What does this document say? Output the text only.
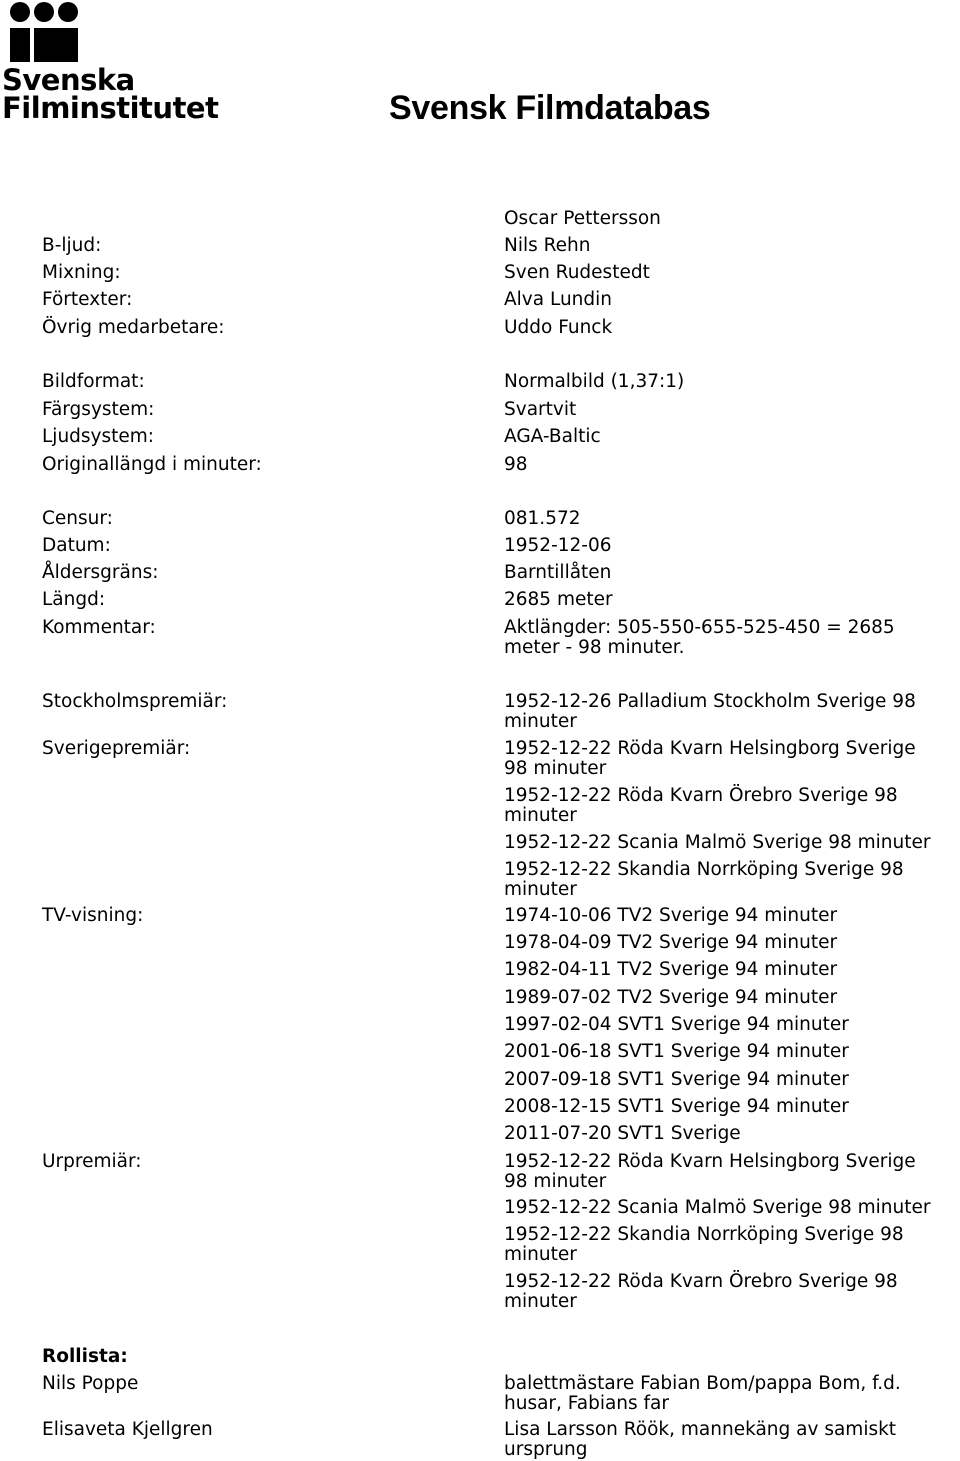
Svenska
Filminstitutet	Svensk Filmdatabas
Oscar Pettersson
B-ljud:	Nils Rehn
Mixning:	Sven Rudestedt
Förtexter:	Alva Lundin
Övrig medarbetare:	Uddo Funck
Bildformat:	Normalbild (1,37:1)
Färgsystem:	Svartvit
Ljudsystem:	AGA-Baltic
Originallängd i minuter:	98
Censur:	081.572
Datum:	1952-12-06
Åldersgräns:	Barntillåten
Längd:	2685 meter
Kommentar:	Aktlängder: 505-550-655-525-450 = 2685 meter - 98 minuter.
Stockholmspremiär:	1952-12-26 Palladium Stockholm Sverige 98 minuter
Sverigepremiär:	1952-12-22 Röda Kvarn Helsingborg Sverige 98 minuter
1952-12-22 Röda Kvarn Örebro Sverige 98 minuter
1952-12-22 Scania Malmö Sverige 98 minuter
1952-12-22 Skandia Norrköping Sverige 98 minuter
TV-visning:	1974-10-06 TV2 Sverige 94 minuter
1978-04-09 TV2 Sverige 94 minuter
1982-04-11 TV2 Sverige 94 minuter
1989-07-02 TV2 Sverige 94 minuter
1997-02-04 SVT1 Sverige 94 minuter
2001-06-18 SVT1 Sverige 94 minuter
2007-09-18 SVT1 Sverige 94 minuter
2008-12-15 SVT1 Sverige 94 minuter
2011-07-20 SVT1 Sverige
Urpremiär:	1952-12-22 Röda Kvarn Helsingborg Sverige 98 minuter
1952-12-22 Scania Malmö Sverige 98 minuter
1952-12-22 Skandia Norrköping Sverige 98 minuter
1952-12-22 Röda Kvarn Örebro Sverige 98 minuter
Rollista:
Nils Poppe	balettmästare Fabian Bom/pappa Bom, f.d. husar, Fabians far
Elisaveta Kjellgren	Lisa Larsson Röök, mannekäng av samiskt ursprung
